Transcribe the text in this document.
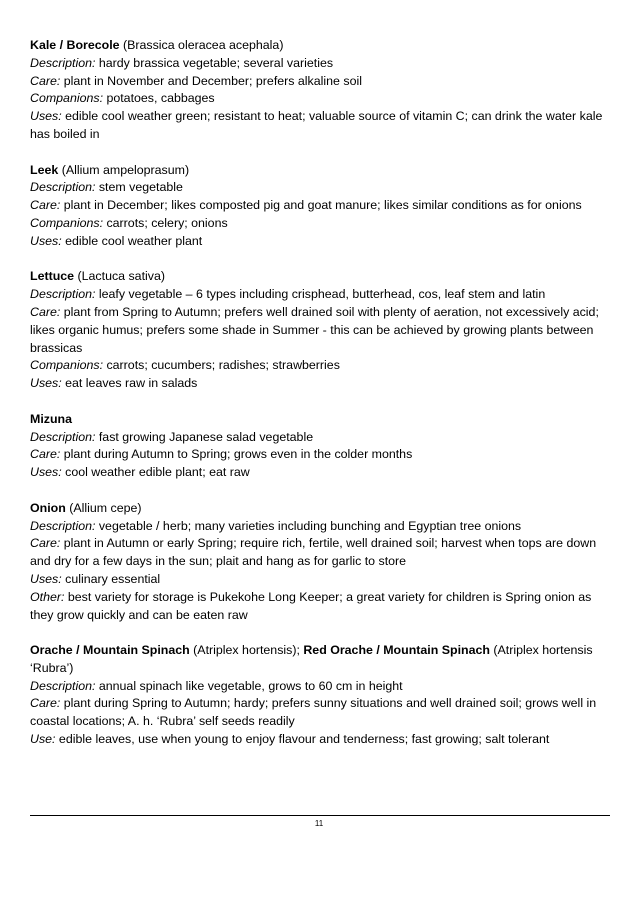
Kale / Borecole (Brassica oleracea acephala)

Description: hardy brassica vegetable; several varieties

Care: plant in November and December; prefers alkaline soil

Companions: potatoes, cabbages

Uses: edible cool weather green; resistant to heat; valuable source of vitamin C; can drink the water kale has boiled in

Leek (Allium ampeloprasum)

Description: stem vegetable

Care: plant in December; likes composted pig and goat manure; likes similar conditions as for onions

Companions: carrots; celery; onions

Uses: edible cool weather plant

Lettuce (Lactuca sativa)

Description: leafy vegetable – 6 types including crisphead, butterhead, cos, leaf stem and latin

Care: plant from Spring to Autumn; prefers well drained soil with plenty of aeration, not excessively acid; likes organic humus; prefers some shade in Summer - this can be achieved by growing plants between brassicas

Companions: carrots; cucumbers; radishes; strawberries

Uses: eat leaves raw in salads

Mizuna

Description: fast growing Japanese salad vegetable

Care: plant during Autumn to Spring; grows even in the colder months

Uses: cool weather edible plant; eat raw

Onion (Allium cepe)

Description: vegetable / herb; many varieties including bunching and Egyptian tree onions

Care: plant in Autumn or early Spring; require rich, fertile, well drained soil; harvest when tops are down and dry for a few days in the sun; plait and hang as for garlic to store

Uses: culinary essential

Other: best variety for storage is Pukekohe Long Keeper; a great variety for children is Spring onion as they grow quickly and can be eaten raw

Orache / Mountain Spinach (Atriplex hortensis); Red Orache / Mountain Spinach (Atriplex hortensis ‘Rubra’)

Description: annual spinach like vegetable, grows to 60 cm in height

Care: plant during Spring to Autumn; hardy; prefers sunny situations and well drained soil; grows well in coastal locations; A. h. ‘Rubra’ self seeds readily

Use: edible leaves, use when young to enjoy flavour and tenderness; fast growing; salt tolerant

11
